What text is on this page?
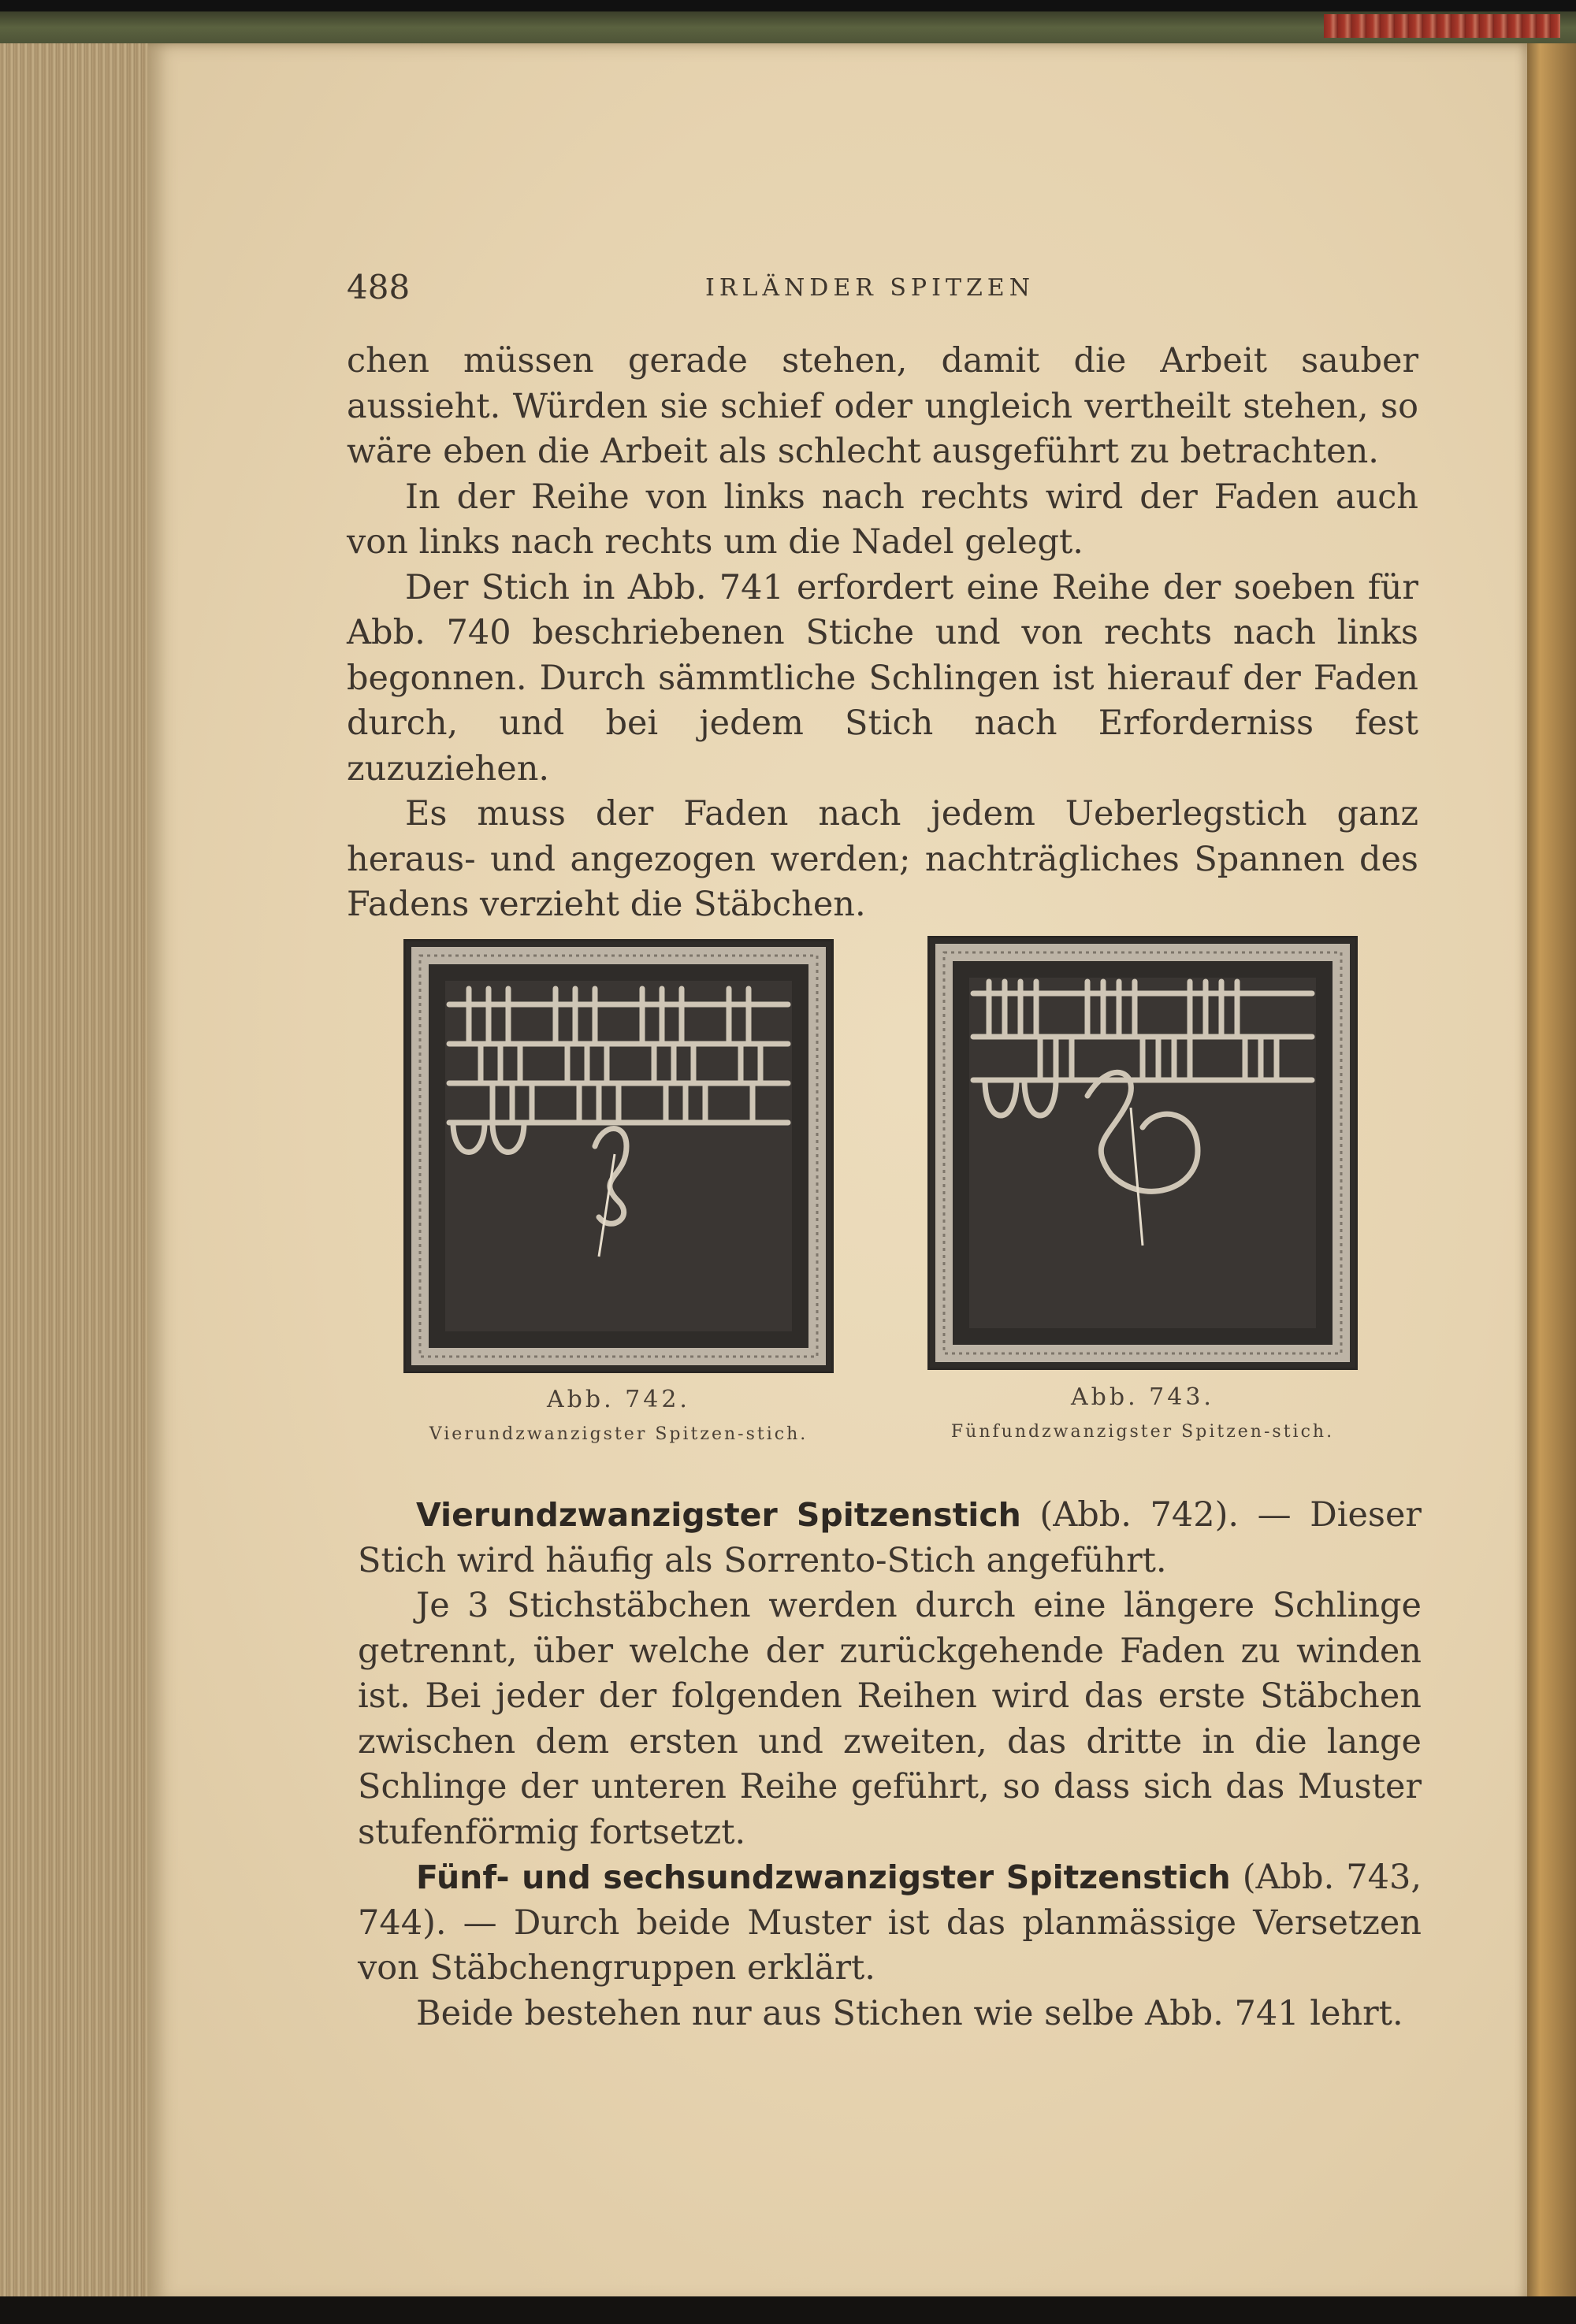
488	IRLÄNDER SPITZEN

chen müssen gerade stehen, damit die Arbeit sauber aussieht. Würden sie schief oder ungleich vertheilt stehen, so wäre eben die Arbeit als schlecht ausgeführt zu betrachten.

In der Reihe von links nach rechts wird der Faden auch von links nach rechts um die Nadel gelegt.

Der Stich in Abb. 741 erfordert eine Reihe der soeben für Abb. 740 beschriebenen Stiche und von rechts nach links begonnen. Durch sämmtliche Schlingen ist hierauf der Faden durch, und bei jedem Stich nach Erforderniss fest zuzuziehen.

Es muss der Faden nach jedem Ueberlegstich ganz heraus- und angezogen werden; nachträgliches Spannen des Fadens verzieht die Stäbchen.

Abb. 742.
Vierundzwanzigster Spitzen-stich.
Abb. 743.
Fünfundzwanzigster Spitzen-stich.

Vierundzwanzigster Spitzenstich (Abb. 742). — Dieser Stich wird häufig als Sorrento-Stich angeführt.

Je 3 Stichstäbchen werden durch eine längere Schlinge getrennt, über welche der zurückgehende Faden zu winden ist. Bei jeder der folgenden Reihen wird das erste Stäbchen zwischen dem ersten und zweiten, das dritte in die lange Schlinge der unteren Reihe geführt, so dass sich das Muster stufenförmig fortsetzt.

Fünf- und sechsundzwanzigster Spitzenstich (Abb. 743, 744). — Durch beide Muster ist das planmässige Versetzen von Stäbchengruppen erklärt.

Beide bestehen nur aus Stichen wie selbe Abb. 741 lehrt.
